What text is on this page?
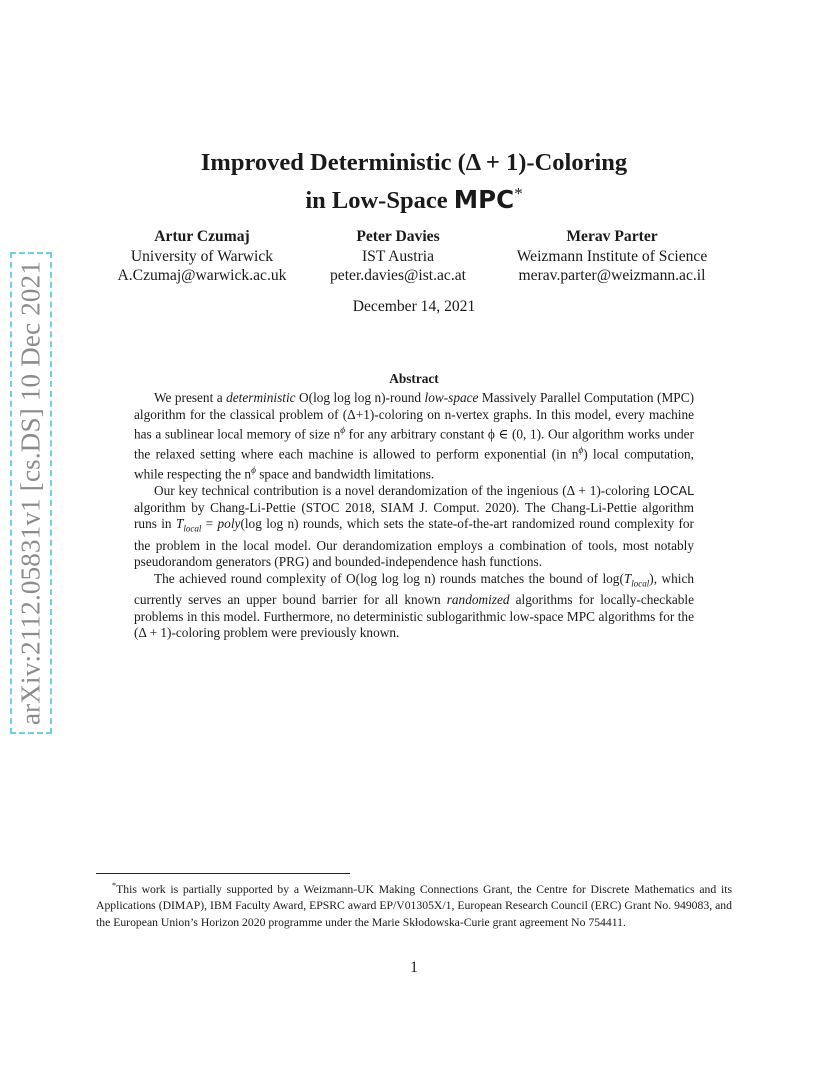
arXiv:2112.05831v1 [cs.DS] 10 Dec 2021
Improved Deterministic (Δ + 1)-Coloring
in Low-Space MPC*
Artur Czumaj
University of Warwick
A.Czumaj@warwick.ac.uk
Peter Davies
IST Austria
peter.davies@ist.ac.at
Merav Parter
Weizmann Institute of Science
merav.parter@weizmann.ac.il
December 14, 2021
Abstract

We present a deterministic O(log log log n)-round low-space Massively Parallel Computation (MPC) algorithm for the classical problem of (Δ+1)-coloring on n-vertex graphs. In this model, every machine has a sublinear local memory of size $n^\phi$ for any arbitrary constant ϕ ∈ (0, 1). Our algorithm works under the relaxed setting where each machine is allowed to perform exponential (in $n^\phi$) local computation, while respecting the $n^\phi$ space and bandwidth limitations.

Our key technical contribution is a novel derandomization of the ingenious (Δ + 1)-coloring LOCAL algorithm by Chang-Li-Pettie (STOC 2018, SIAM J. Comput. 2020). The Chang-Li-Pettie algorithm runs in $T_{local}$ = poly(log log n) rounds, which sets the state-of-the-art randomized round complexity for the problem in the local model. Our derandomization employs a combination of tools, most notably pseudorandom generators (PRG) and bounded-independence hash functions.

The achieved round complexity of O(log log log n) rounds matches the bound of $\log(T_{local})$, which currently serves an upper bound barrier for all known randomized algorithms for locally-checkable problems in this model. Furthermore, no deterministic sublogarithmic low-space MPC algorithms for the (Δ + 1)-coloring problem were previously known.

*This work is partially supported by a Weizmann-UK Making Connections Grant, the Centre for Discrete Mathematics and its Applications (DIMAP), IBM Faculty Award, EPSRC award EP/V01305X/1, European Research Council (ERC) Grant No. 949083, and the European Union’s Horizon 2020 programme under the Marie Skłodowska-Curie grant agreement No 754411.
1
